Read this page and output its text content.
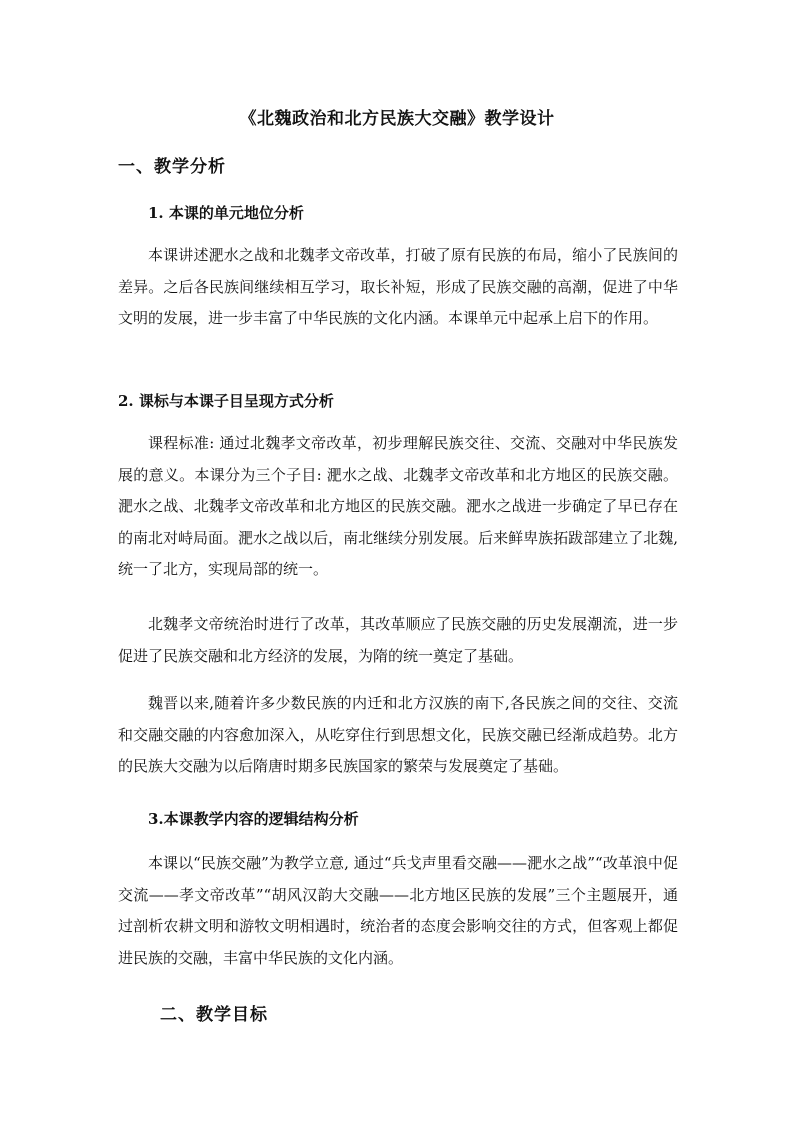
《北魏政治和北方民族大交融》教学设计
一、教学分析
1. 本课的单元地位分析

本课讲述淝水之战和北魏孝文帝改革，打破了原有民族的布局，缩小了民族间的差异。之后各民族间继续相互学习，取长补短，形成了民族交融的高潮，促进了中华文明的发展，进一步丰富了中华民族的文化内涵。本课单元中起承上启下的作用。

2. 课标与本课子目呈现方式分析

课程标准: 通过北魏孝文帝改革，初步理解民族交往、交流、交融对中华民族发展的意义。本课分为三个子目: 淝水之战、北魏孝文帝改革和北方地区的民族交融。淝水之战、北魏孝文帝改革和北方地区的民族交融。淝水之战进一步确定了早已存在的南北对峙局面。淝水之战以后，南北继续分别发展。后来鲜卑族拓跋部建立了北魏,统一了北方，实现局部的统一。

北魏孝文帝统治时进行了改革，其改革顺应了民族交融的历史发展潮流，进一步促进了民族交融和北方经济的发展，为隋的统一奠定了基础。

魏晋以来,随着许多少数民族的内迁和北方汉族的南下,各民族之间的交往、交流和交融交融的内容愈加深入，从吃穿住行到思想文化，民族交融已经渐成趋势。北方的民族大交融为以后隋唐时期多民族国家的繁荣与发展奠定了基础。

3.本课教学内容的逻辑结构分析

本课以“民族交融”为教学立意, 通过“兵戈声里看交融——淝水之战”“改革浪中促交流——孝文帝改革”“胡风汉韵大交融——北方地区民族的发展”三个主题展开，通过剖析农耕文明和游牧文明相遇时，统治者的态度会影响交往的方式，但客观上都促进民族的交融，丰富中华民族的文化内涵。

二、教学目标
